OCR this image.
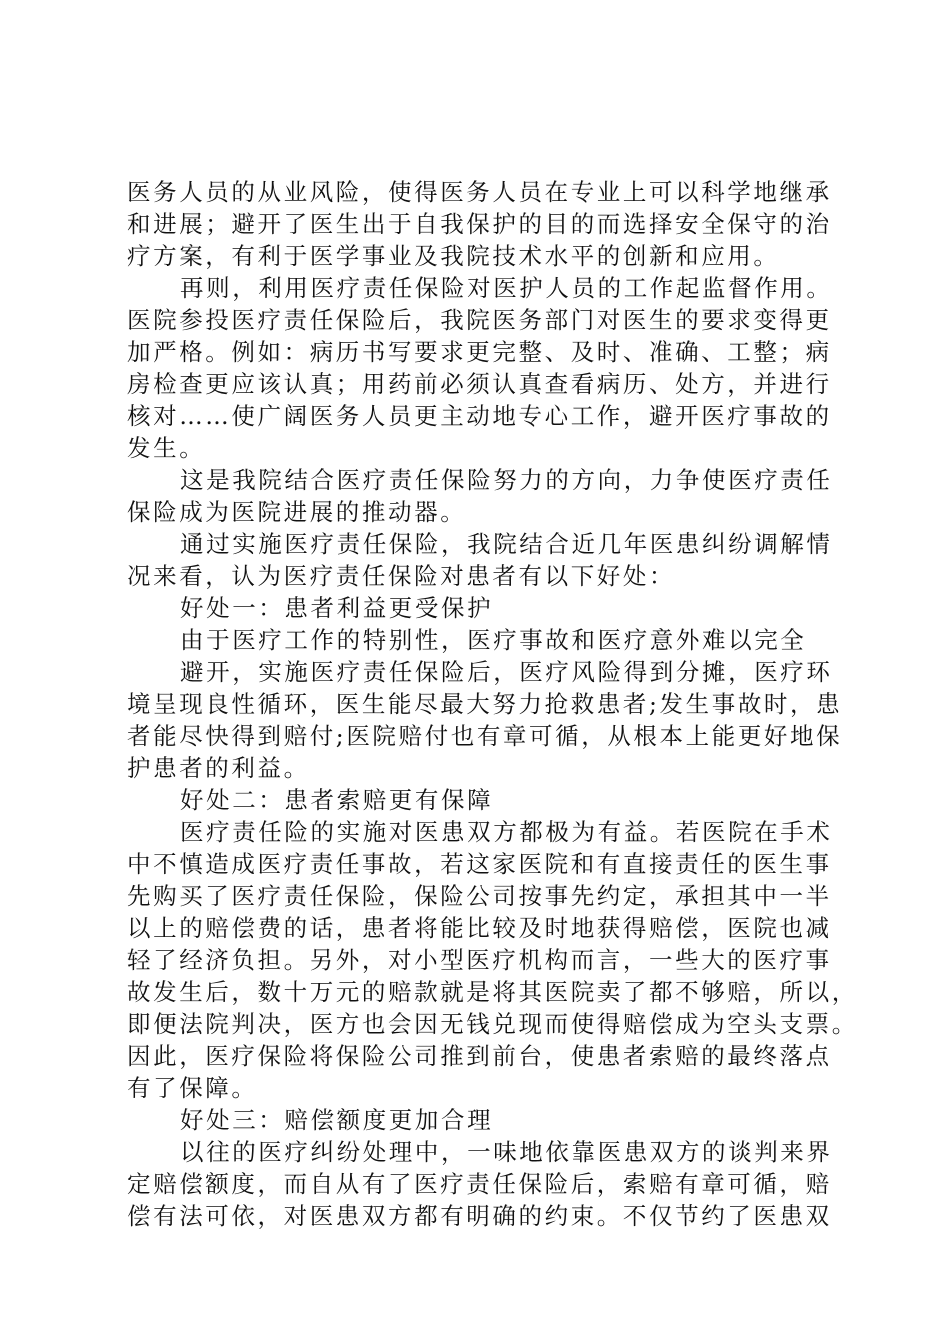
医务人员的从业风险，使得医务人员在专业上可以科学地继承
和进展；避开了医生出于自我保护的目的而选择安全保守的治
疗方案，有利于医学事业及我院技术水平的创新和应用。
再则，利用医疗责任保险对医护人员的工作起监督作用。
医院参投医疗责任保险后，我院医务部门对医生的要求变得更
加严格。例如：病历书写要求更完整、及时、准确、工整；病
房检查更应该认真；用药前必须认真查看病历、处方，并进行
核对……使广阔医务人员更主动地专心工作，避开医疗事故的
发生。
这是我院结合医疗责任保险努力的方向，力争使医疗责任
保险成为医院进展的推动器。
通过实施医疗责任保险，我院结合近几年医患纠纷调解情
况来看，认为医疗责任保险对患者有以下好处：
好处一：患者利益更受保护
由于医疗工作的特别性，医疗事故和医疗意外难以完全
避开，实施医疗责任保险后，医疗风险得到分摊，医疗环
境呈现良性循环，医生能尽最大努力抢救患者;发生事故时，患
者能尽快得到赔付;医院赔付也有章可循，从根本上能更好地保
护患者的利益。
好处二：患者索赔更有保障
医疗责任险的实施对医患双方都极为有益。若医院在手术
中不慎造成医疗责任事故，若这家医院和有直接责任的医生事
先购买了医疗责任保险，保险公司按事先约定，承担其中一半
以上的赔偿费的话，患者将能比较及时地获得赔偿，医院也减
轻了经济负担。另外，对小型医疗机构而言，一些大的医疗事
故发生后，数十万元的赔款就是将其医院卖了都不够赔，所以，
即便法院判决，医方也会因无钱兑现而使得赔偿成为空头支票。
因此，医疗保险将保险公司推到前台，使患者索赔的最终落点
有了保障。
好处三：赔偿额度更加合理
以往的医疗纠纷处理中，一味地依靠医患双方的谈判来界
定赔偿额度，而自从有了医疗责任保险后，索赔有章可循，赔
偿有法可依，对医患双方都有明确的约束。不仅节约了医患双
